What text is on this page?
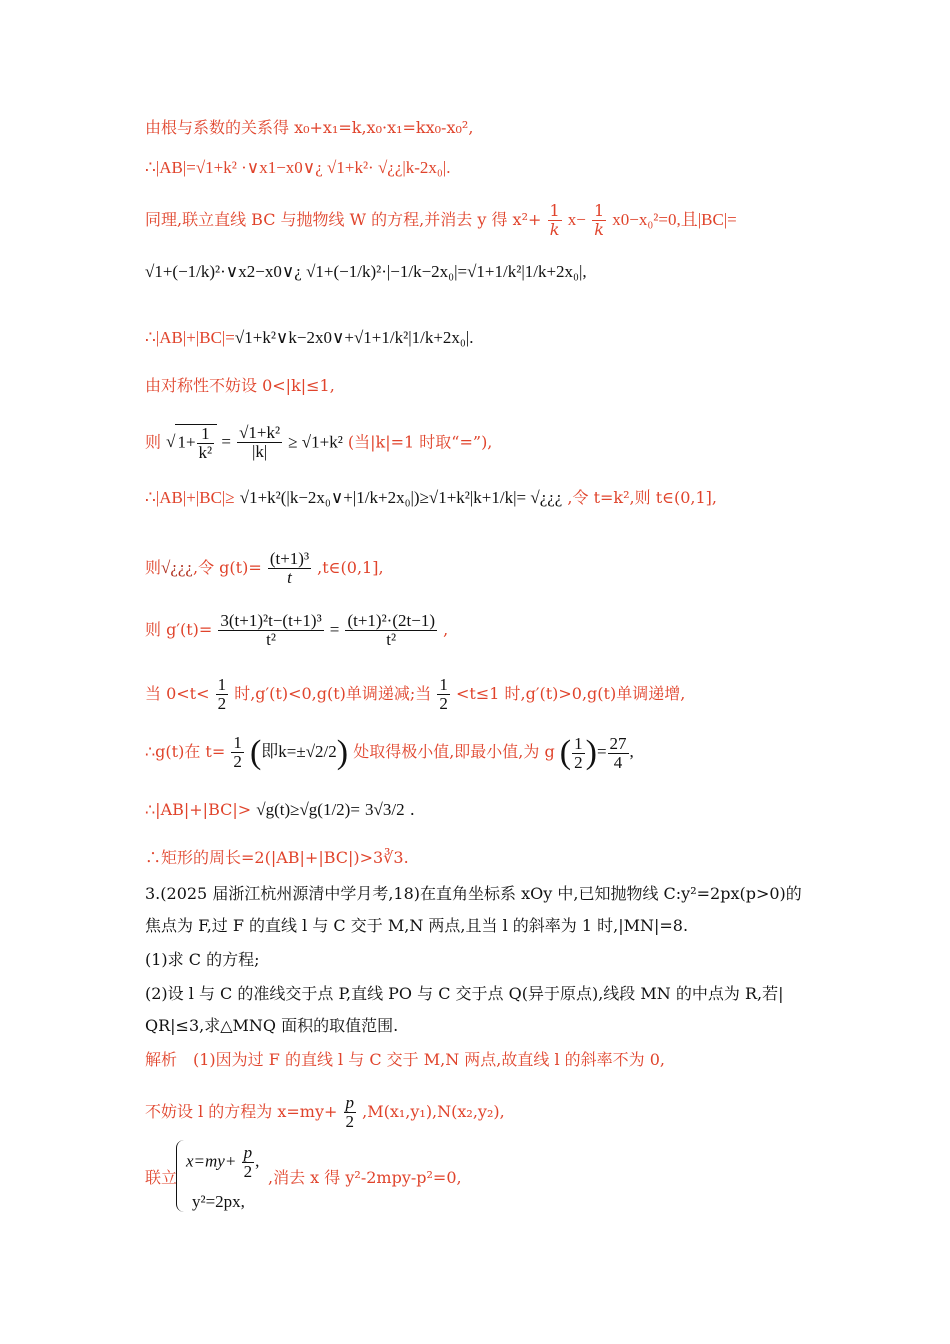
由根与系数的关系得 x₀+x₁=k,x₀·x₁=kx₀-x₀²,
∴|AB|=√1+k² ·∨x1−x0∨¿ √1+k²· √¿¿|k-2x₀|.
同理,联立直线 BC 与抛物线 W 的方程,并消去 y 得 $x^2+ \frac{1}{k} x- \frac{1}{k} x0-x_0^2=0$,且|BC|=
√1+(−1/k)²·∨x2−x0∨¿ √1+(−1/k)²·|−1/k−2x₀|=√1+1/k²|1/k+2x₀|,
∴|AB|+|BC|=√1+k²∨k−2x0∨+√1+1/k²|1/k+2x₀|.
由对称性不妨设 0<|k|≤1,
则 √ $1+ \frac{1}{\text{k²}} = \frac{\text{√1+k²}}{|k|} \ge √1+k^2$ (当|k|=1 时取“=”),
∴|AB|+|BC|≥ √1+k²(|k−2x₀∨+|1/k+2x₀|)≥√1+k²|k+1/k|= √¿¿¿ ,令 t=k²,则 t∈(0,1],
则√¿¿¿,令 $g(t)= \frac{\text{(t+1)³}}{t}$ ,t∈(0,1],
则 $g'(t)= \frac{\text{3(t+1)²t−(t+1)³}}{\text{t²}} = \frac{\text{(t+1)²·(2t−1)}}{\text{t²}}$ ,
当 $0<t< \frac{1}{2}$ 时,g′(t)<0,g(t)单调递减;当 $\frac{1}{2} <t\le 1$ 时,g′(t)>0,g(t)单调递增,
∴g(t)在 $t= \frac{1}{2}$ (即k=±√2/2) 处取得极小值,即最小值,为 g ( $\frac{1}{2}$ )= $\frac{27}{4}$ ,
∴|AB|+|BC|> √g(t)≥√g(1/2)= 3√3/2 .
∴矩形的周长=2(|AB|+|BC|)>3∛3.
3.(2025 届浙江杭州源清中学月考,18)在直角坐标系 xOy 中,已知抛物线 C:y²=2px(p>0)的
焦点为 F,过 F 的直线 l 与 C 交于 M,N 两点,且当 l 的斜率为 1 时,|MN|=8.
(1)求 C 的方程;
(2)设 l 与 C 的准线交于点 P,直线 PO 与 C 交于点 Q(异于原点),线段 MN 的中点为 R,若|
QR|≤3,求△MNQ 面积的取值范围.
解析　(1)因为过 F 的直线 l 与 C 交于 M,N 两点,故直线 l 的斜率不为 0,
不妨设 l 的方程为 $x=my+ \frac{p}{2} ,M(x_1,y_1),N(x_2,y_2)$,
联立
$x=my+ \frac{p}{2}$ ,
,消去 x 得 y²-2mpy-p²=0,
y²=2px,
